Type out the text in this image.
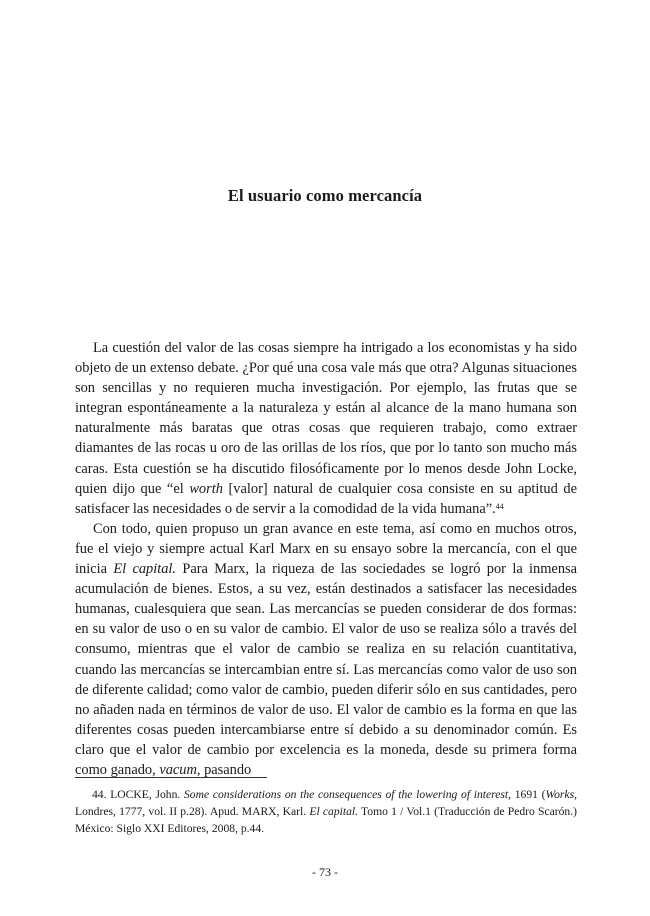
El usuario como mercancía

La cuestión del valor de las cosas siempre ha intrigado a los economistas y ha sido objeto de un extenso debate. ¿Por qué una cosa vale más que otra? Algunas situaciones son sencillas y no requieren mucha investigación. Por ejemplo, las frutas que se integran espontáneamente a la naturaleza y están al alcance de la mano humana son naturalmente más baratas que otras cosas que requieren trabajo, como extraer diamantes de las rocas u oro de las orillas de los ríos, que por lo tanto son mucho más caras. Esta cuestión se ha discutido filosóficamente por lo menos desde John Locke, quien dijo que “el worth [valor] natural de cualquier cosa consiste en su aptitud de satisfacer las necesidades o de servir a la comodidad de la vida humana”.$^{44}$

Con todo, quien propuso un gran avance en este tema, así como en muchos otros, fue el viejo y siempre actual Karl Marx en su ensayo sobre la mercancía, con el que inicia El capital. Para Marx, la riqueza de las sociedades se logró por la inmensa acumulación de bienes. Estos, a su vez, están destinados a satisfacer las necesidades humanas, cualesquiera que sean. Las mercancías se pueden considerar de dos formas: en su valor de uso o en su valor de cambio. El valor de uso se realiza sólo a través del consumo, mientras que el valor de cambio se realiza en su relación cuantitativa, cuando las mercancías se intercambian entre sí. Las mercancías como valor de uso son de diferente calidad; como valor de cambio, pueden diferir sólo en sus cantidades, pero no añaden nada en términos de valor de uso. El valor de cambio es la forma en que las diferentes cosas pueden intercambiarse entre sí debido a su denominador común. Es claro que el valor de cambio por excelencia es la moneda, desde su primera forma como ganado, vacum, pasando

44. LOCKE, John. Some considerations on the consequences of the lowering of interest, 1691 (Works, Londres, 1777, vol. II p.28). Apud. MARX, Karl. El capital. Tomo 1 / Vol.1 (Traducción de Pedro Scarón.) México: Siglo XXI Editores, 2008, p.44.
- 73 -
